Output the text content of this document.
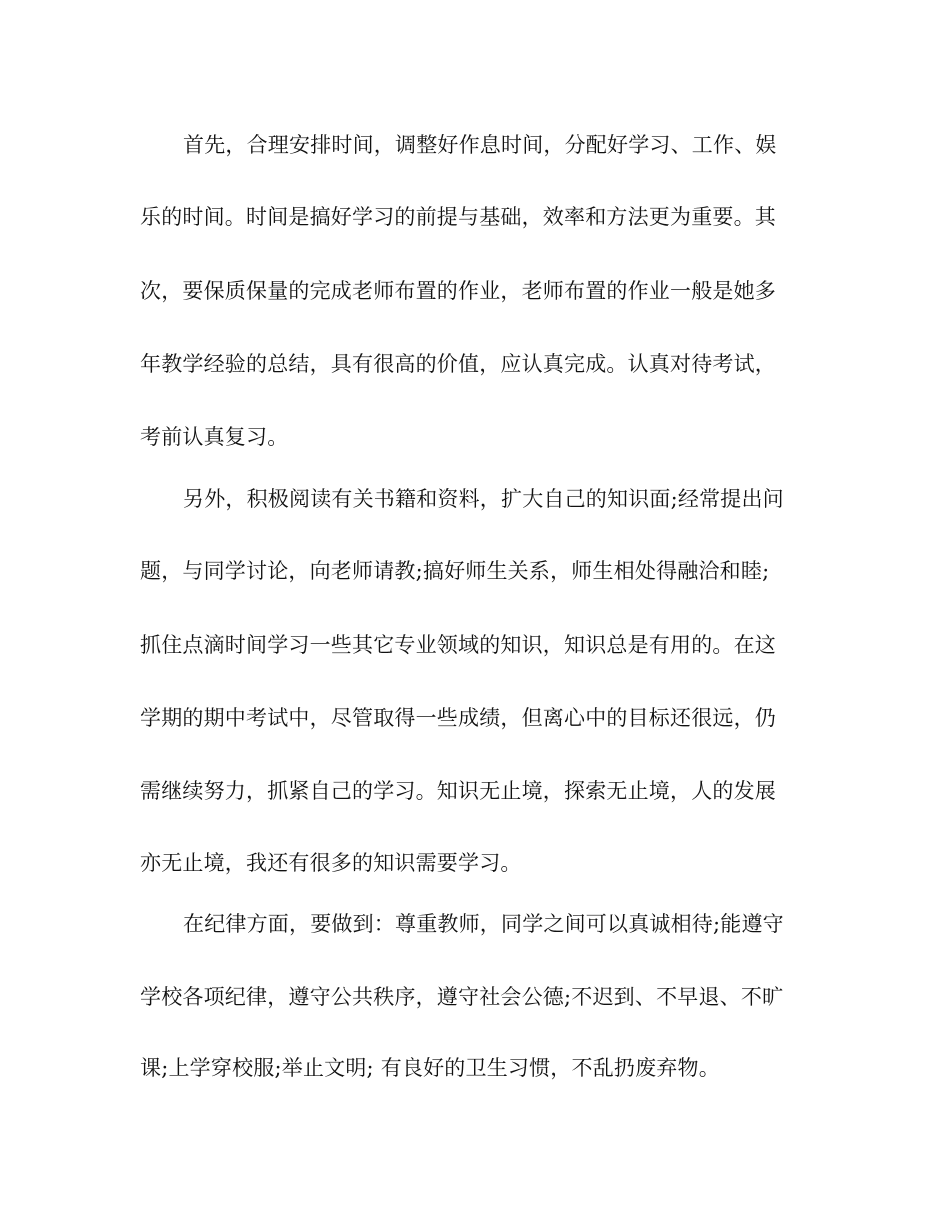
首先，合理安排时间，调整好作息时间，分配好学习、工作、娱
乐的时间。时间是搞好学习的前提与基础，效率和方法更为重要。其
次，要保质保量的完成老师布置的作业，老师布置的作业一般是她多
年教学经验的总结，具有很高的价值，应认真完成。认真对待考试，
考前认真复习。
另外，积极阅读有关书籍和资料，扩大自己的知识面;经常提出问
题，与同学讨论，向老师请教;搞好师生关系，师生相处得融洽和睦;
抓住点滴时间学习一些其它专业领域的知识，知识总是有用的。在这
学期的期中考试中，尽管取得一些成绩，但离心中的目标还很远，仍
需继续努力，抓紧自己的学习。知识无止境，探索无止境，人的发展
亦无止境，我还有很多的知识需要学习。
在纪律方面，要做到：尊重教师，同学之间可以真诚相待;能遵守
学校各项纪律，遵守公共秩序，遵守社会公德;不迟到、不早退、不旷
课;上学穿校服;举止文明; 有良好的卫生习惯，不乱扔废弃物。
